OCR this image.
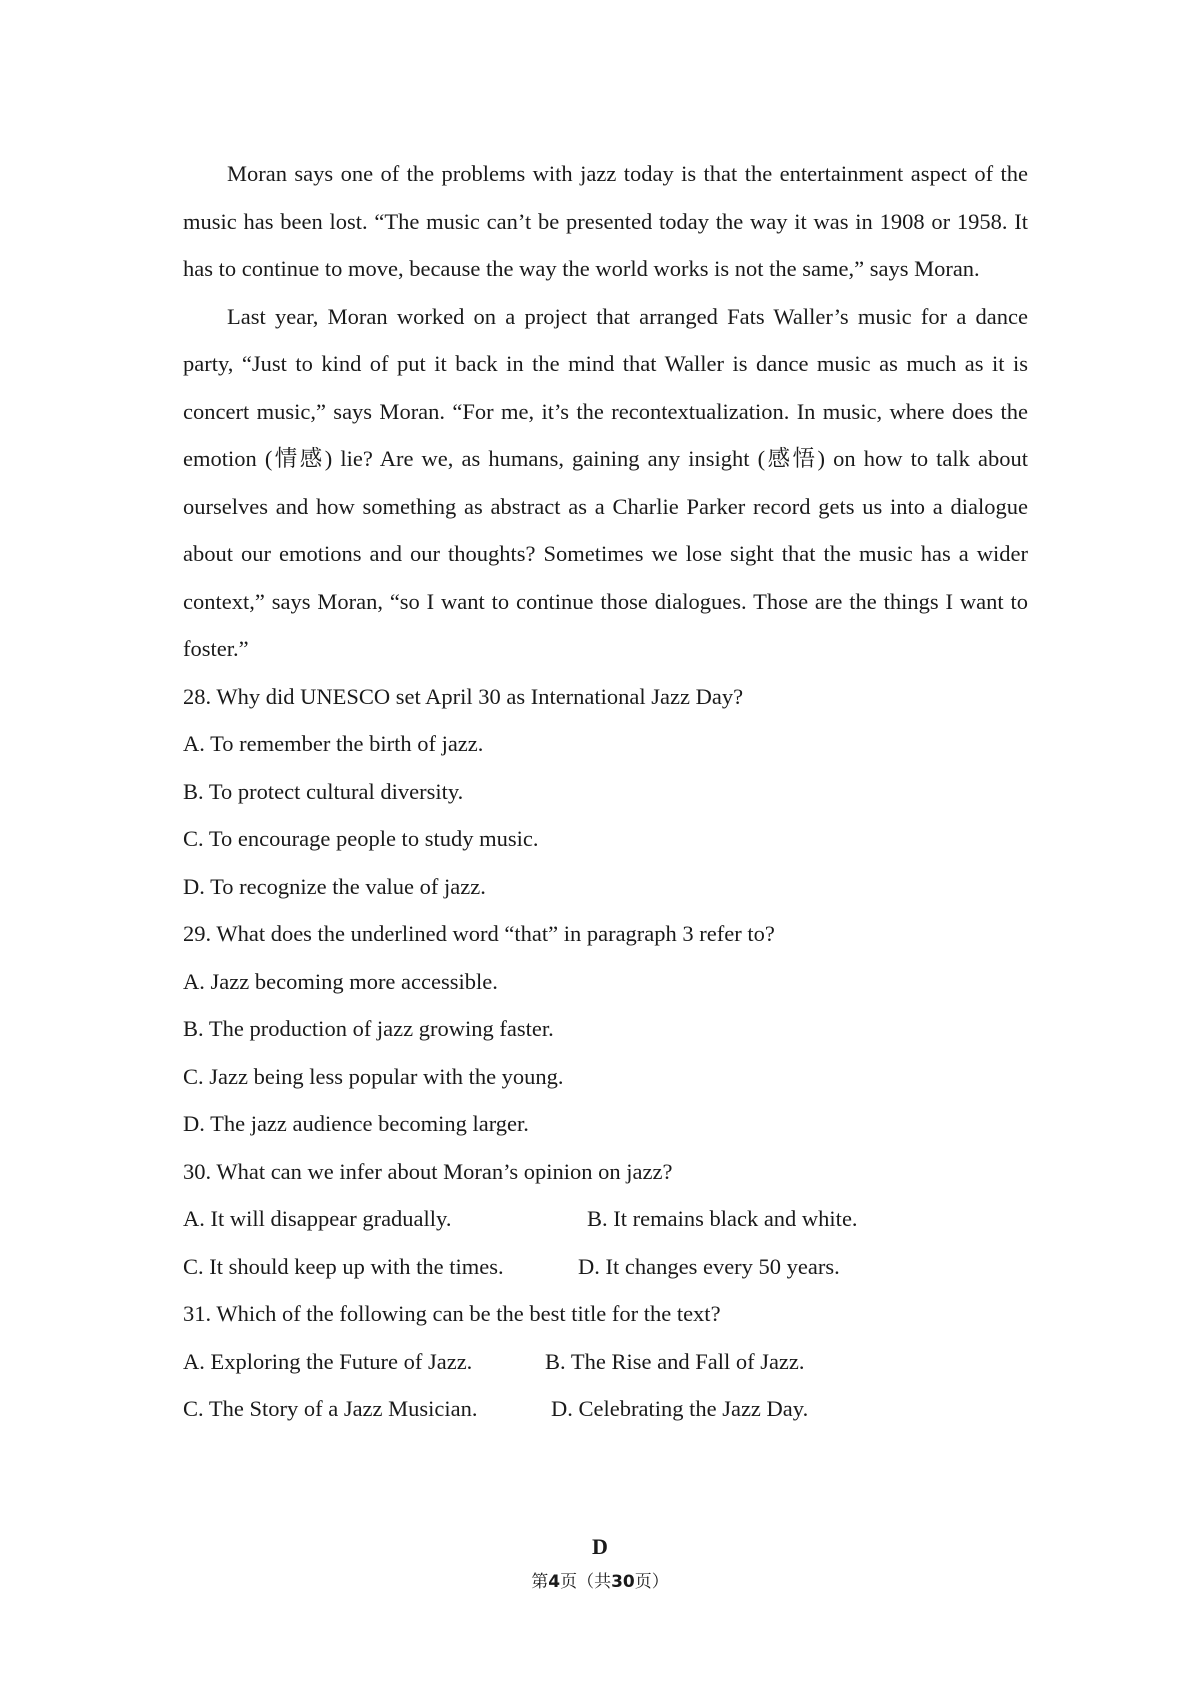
Moran says one of the problems with jazz today is that the entertainment aspect of the music has been lost. “The music can’t be presented today the way it was in 1908 or 1958. It has to continue to move, because the way the world works is not the same,” says Moran.

Last year, Moran worked on a project that arranged Fats Waller’s music for a dance party, “Just to kind of put it back in the mind that Waller is dance music as much as it is concert music,” says Moran. “For me, it’s the recontextualization. In music, where does the emotion (情感) lie? Are we, as humans, gaining any insight (感悟) on how to talk about ourselves and how something as abstract as a Charlie Parker record gets us into a dialogue about our emotions and our thoughts? Sometimes we lose sight that the music has a wider context,” says Moran, “so I want to continue those dialogues. Those are the things I want to foster.”

28. Why did UNESCO set April 30 as International Jazz Day?

A. To remember the birth of jazz.

B. To protect cultural diversity.

C. To encourage people to study music.

D. To recognize the value of jazz.

29. What does the underlined word “that” in paragraph 3 refer to?

A. Jazz becoming more accessible.

B. The production of jazz growing faster.

C. Jazz being less popular with the young.

D. The jazz audience becoming larger.

30. What can we infer about Moran’s opinion on jazz?

A. It will disappear gradually.	B. It remains black and white.
C. It should keep up with the times.	D. It changes every 50 years.

31. Which of the following can be the best title for the text?

A. Exploring the Future of Jazz.	B. The Rise and Fall of Jazz.
C. The Story of a Jazz Musician.	D. Celebrating the Jazz Day.
D
第4页（共30页）
